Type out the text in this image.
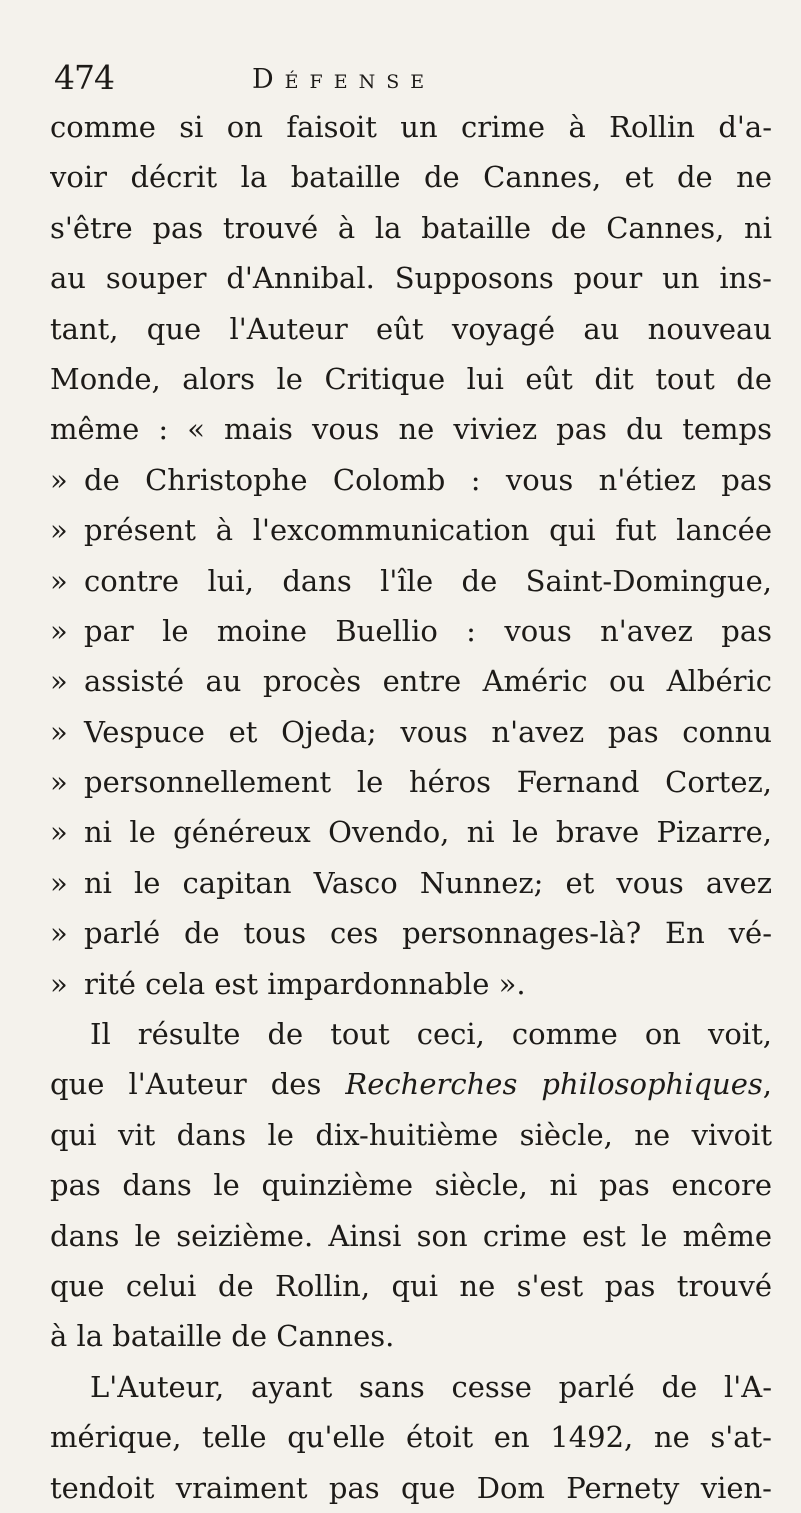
474	Défense
comme si on faisoit un crime à Rollin d'a-
voir décrit la bataille de Cannes, et de ne
s'être pas trouvé à la bataille de Cannes, ni
au souper d'Annibal. Supposons pour un ins-
tant, que l'Auteur eût voyagé au nouveau
Monde, alors le Critique lui eût dit tout de
même : « mais vous ne viviez pas du temps
» de Christophe Colomb : vous n'étiez pas
» présent à l'excommunication qui fut lancée
» contre lui, dans l'île de Saint-Domingue,
» par le moine Buellio : vous n'avez pas
» assisté au procès entre Améric ou Albéric
» Vespuce et Ojeda; vous n'avez pas connu
» personnellement le héros Fernand Cortez,
» ni le généreux Ovendo, ni le brave Pizarre,
» ni le capitan Vasco Nunnez; et vous avez
» parlé de tous ces personnages-là? En vé-
» rité cela est impardonnable ».
Il résulte de tout ceci, comme on voit,
que l'Auteur des Recherches philosophiques,
qui vit dans le dix-huitième siècle, ne vivoit
pas dans le quinzième siècle, ni pas encore
dans le seizième. Ainsi son crime est le même
que celui de Rollin, qui ne s'est pas trouvé
à la bataille de Cannes.
L'Auteur, ayant sans cesse parlé de l'A-
mérique, telle qu'elle étoit en 1492, ne s'at-
tendoit vraiment pas que Dom Pernety vien-
